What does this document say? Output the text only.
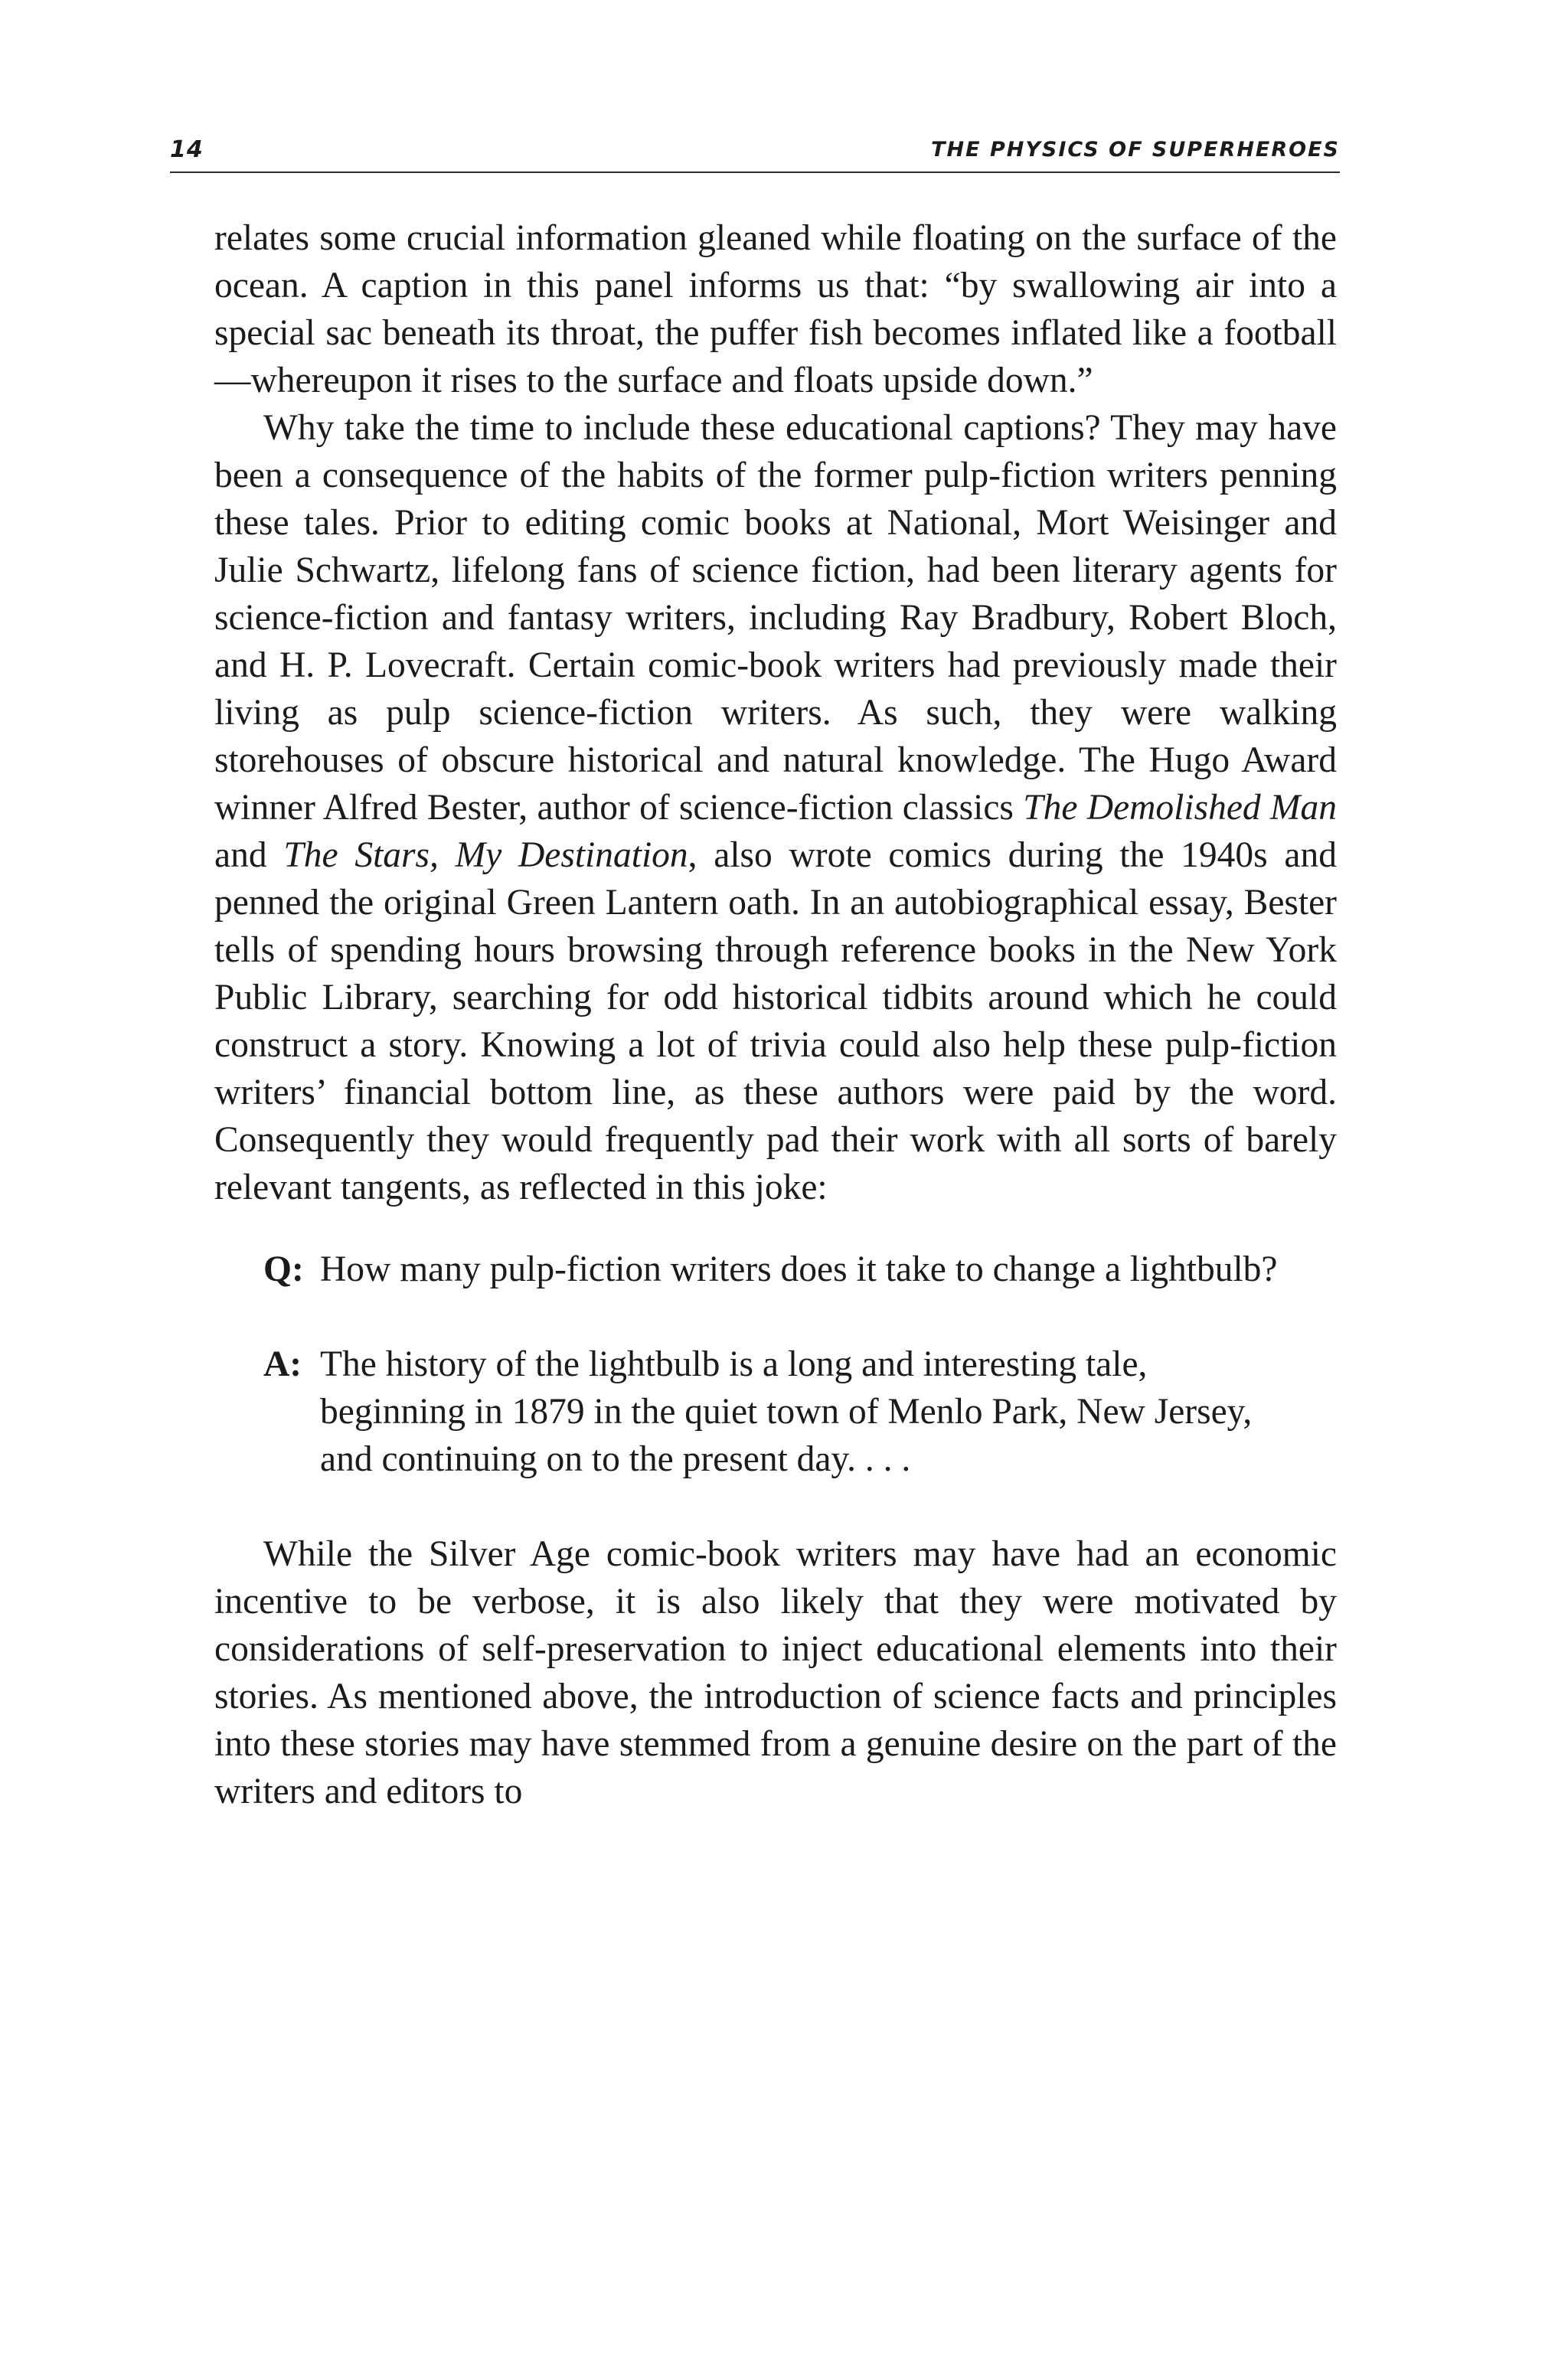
14	THE PHYSICS OF SUPERHEROES

relates some crucial information gleaned while floating on the surface of the ocean. A caption in this panel informs us that: “by swallowing air into a special sac beneath its throat, the puffer fish becomes inflated like a football—whereupon it rises to the surface and floats upside down.”

Why take the time to include these educational captions? They may have been a consequence of the habits of the former pulp-fiction writers penning these tales. Prior to editing comic books at National, Mort Weisinger and Julie Schwartz, lifelong fans of science fiction, had been literary agents for science-fiction and fantasy writers, including Ray Bradbury, Robert Bloch, and H. P. Lovecraft. Certain comic-book writers had previously made their living as pulp science-fiction writers. As such, they were walking storehouses of obscure historical and natural knowledge. The Hugo Award winner Alfred Bester, author of science-fiction classics The Demolished Man and The Stars, My Destination, also wrote comics during the 1940s and penned the original Green Lantern oath. In an autobiographical essay, Bester tells of spending hours browsing through reference books in the New York Public Library, searching for odd historical tidbits around which he could construct a story. Knowing a lot of trivia could also help these pulp-fiction writers’ financial bottom line, as these authors were paid by the word. Consequently they would frequently pad their work with all sorts of barely relevant tangents, as reflected in this joke:

Q: How many pulp-fiction writers does it take to change a lightbulb?

A: The history of the lightbulb is a long and interesting tale, beginning in 1879 in the quiet town of Menlo Park, New Jersey, and continuing on to the present day. . . .

While the Silver Age comic-book writers may have had an economic incentive to be verbose, it is also likely that they were motivated by considerations of self-preservation to inject educational elements into their stories. As mentioned above, the introduction of science facts and principles into these stories may have stemmed from a genuine desire on the part of the writers and editors to
